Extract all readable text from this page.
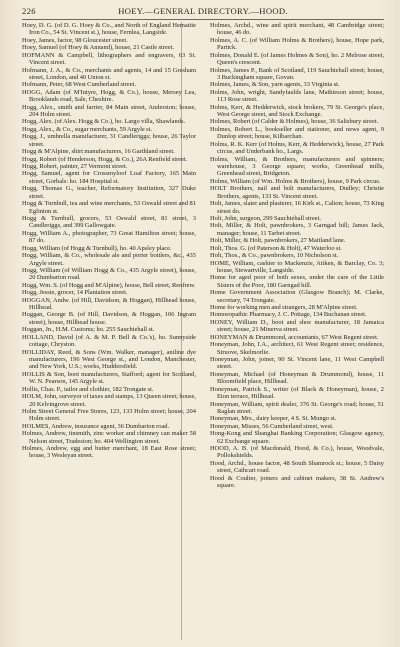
226	HOEY.—GENERAL DIRECTORY.—HOOD.

Hoey, D. G. (of D. G. Hoey & Co., and North of England Hematite Iron Co., 54 St. Vincent st.), house, Fernlea, Langside.

Hoey, James, factor, 98 Gloucester street.

Hoey, Samuel (of Hoey & Annand), house, 21 Castle street.

HOFMANN & Campbell, lithographers and engravers, 63 St. Vincent street.

Hofmann, J. A., & Co., merchants and agents, 14 and 15 Gresham street, London, and 40 Union st.

Hofmann, Peter, 68 West Cumberland street.

HOGG, Adam (of M'Intyre, Hogg, & Co.), house, Mersey Lea, Brooklands road, Sale, Cheshire.

Hogg, Alex., smith and farrier, 84 Main street, Anderston; house, 204 Holm street.

Hogg, Alex. (of Alex. Hogg & Co.), ho. Largo villa, Shawlands.

Hogg, Alex., & Co., sugar merchants, 59 Argyle st.

Hogg, J., umbrella manufacturer, 31 Candleriggs; house, 26 Taylor street.

Hogg & M'Alpine, shirt manufacturers, 16 Garthland street.

Hogg, Robert (of Henderson, Hogg, & Co.), 26A Renfield street.

Hogg, Robert, painter, 27 Vermont street.

Hogg, Samuel, agent for Crossmyloof Loaf Factory, 165 Main street, Gorbals: ho. 184 Hospital st.

Hogg, Thomas G., teacher, Reformatory Institution, 327 Duke street.

Hogg & Turnbull, tea and wine merchants, 53 Oswald street and 81 Eglinton st.

Hogg & Turnbull, grocers, 53 Oswald street, 81 street, 3 Candleriggs, and 399 Gallowgate.

Hogg, William A., photographer, 73 Great Hamilton street; house, 87 do.

Hogg, William (of Hogg & Turnbull), ho. 40 Apsley place.

Hogg, William, & Co., wholesale ale and porter bottlers, &c., 435 Argyle street.

Hogg, William (of William Hogg & Co., 435 Argyle street), house, 20 Dumbarton road.

Hogg, Wm. S. (of Hogg and M'Alpine), house, Bell street, Renfrew.

Hogg, Jessie, grocer, 14 Plantation street.

HOGGAN, Andw. (of Hill, Davidson, & Hoggan), Hillhead house, Hillhead.

Hoggan, George B. (of Hill, Davidson, & Hoggan, 106 Ingram street), house, Hillhead house.

Hoggan, Jn., H.M. Customs; ho. 255 Sauchiehall st.

HOLLAND, David (of A. & M. P. Bell & Co.'s), ho. Sunnyside cottage, Chryston.

HOLLIDAY, Reed, & Sons (Wm. Walker, manager), aniline dye manufacturers, 196 West George st., and London, Manchester, and New York, U.S.; works, Huddersfield.

HOLLIS & Son, boot manufacturers, Stafford; agent for Scotland, W. N. Pearson, 145 Argyle st.

Hollis, Chas. P., tailor and clothier, 182 Trongate st.

HOLM, John, surveyor of taxes and stamps, 13 Queen street; house, 20 Kelvingrove street.

Holm Street General Free Stores, 123, 133 Holm street; house, 204 Holm street.

HOLMES, Andrew, insurance agent, 36 Dumbarton road.

Holmes, Andrew, tinsmith, zinc worker and chimney can maker 58 Nelson street, Tradeston; ho. 404 Wellington street.

Holmes, Andrew, egg and butter merchant, 18 East Rose street; house, 3 Wesleyan street.

Holmes, Archd., wine and spirit merchant, 48 Cambridge street; house, 46 do.

Holmes, A. C. (of William Holms & Brothers), house, Hope park, Partick.

Holmes, Donald E. (of James Holmes & Son), ho. 2 Melrose street, Queen's crescent.

Holmes, James P., Bank of Scotland, 119 Sauchiehall street; house, 3 Buckingham square, Govan.

Holmes, James, & Son, yarn agents, 33 Virginia st.

Holms, John, wright, Sandyfaulds lane, Mathieson street; house, 113 Rose street.

Holms, Kerr, & Hedderwick, stock brokers, 79 St. George's place, West George street, and Stock Exchange.

Holmes, Robert (of Calder & Holmes), house, 36 Salisbury street.

Holmes, Robert L., bookseller and stationer, and news agent, 9 Dunlop street; house, Kilbarchan.

Holms, R. K. Kerr (of Holms, Kerr, & Hedderwick), house, 27 Park circus, and Underbank ho., Largs.

Holms, William, & Brothers, manufacturers and spinners; warehouse, 3 George square; works, Greenhead mills, Greenhead street, Bridgeton.

Holms, William (of Wm. Holms & Brothers), house, 9 Park circus.

HOLT Brothers, nail and bolt manufacturers, Dudley; Christie Brothers, agents, 133 St. Vincent street.

Holt, James, slater and plasterer, 16 Kirk st., Calton; house, 73 King street do.

Holt, John, surgeon, 299 Sauchiehall street.

Holt, Miller, & Holt, pawnbrokers, 3 Garngad hill; James Jack, manager; house, 11 Tarbet street.

Holt, Miller, & Holt, pawnbrokers, 27 Maitland lane.

Holt, Thos. G. (of Paterson & Holt), 47 Waterloo st.

Holt, Thos., & Co., pawnbrokers, 10 Nicholson st.

HOME, William, cashier to Mackenzie, Aitken, & Barclay, Co. 3; house, Stewartville, Langside.

Home for aged poor of both sexes, under the care of the Little Sisters of the Poor, 180 Garngad hill.

Home Government Association (Glasgow Branch); M. Clarke, secretary, 74 Trongate.

Home for working men and strangers, 28 M'Alpine street.

Homoeopathic Pharmacy, J. C. Pottage, 134 Buchanan street.

HONEY, William D., boot and shoe manufacturer, 18 Jamaica street; house, 21 Minerva street.

HONEYMAN & Drummond, accountants, 67 West Regent street.

Honeyman, John, I.A., architect, 61 West Regent street; residence, Struove, Skelmorlie.

Honeyman, John, joiner, 90 St. Vincent lane, 11 West Campbell street.

Honeyman, Michael (of Honeyman & Drummond), house, 11 Bloomfield place, Hillhead.

Honeyman, Patrick S., writer (of Black & Honeyman), house, 2 Eton terrace, Hillhead.

Honeyman, William, spirit dealer, 376 St. George's road; house, 51 Raglan street.

Honeyman, Mrs., dairy keeper, 4 S. St. Mungo st.

Honeyman, Misses, 56 Cumberland street, west.

Hong-Kong and Shanghai Banking Corporation; Glasgow agency, 62 Exchange square.

HOOD, A. B. (of Macdonald, Hood, & Co.), house, Woodvale, Pollokshields.

Hood, Archd., house factor, 48 South Shamrock st.; house, 5 Daisy street, Cathcart road.

Hood & Coulter, joiners and cabinet makers, 38 St. Andrew's square.
